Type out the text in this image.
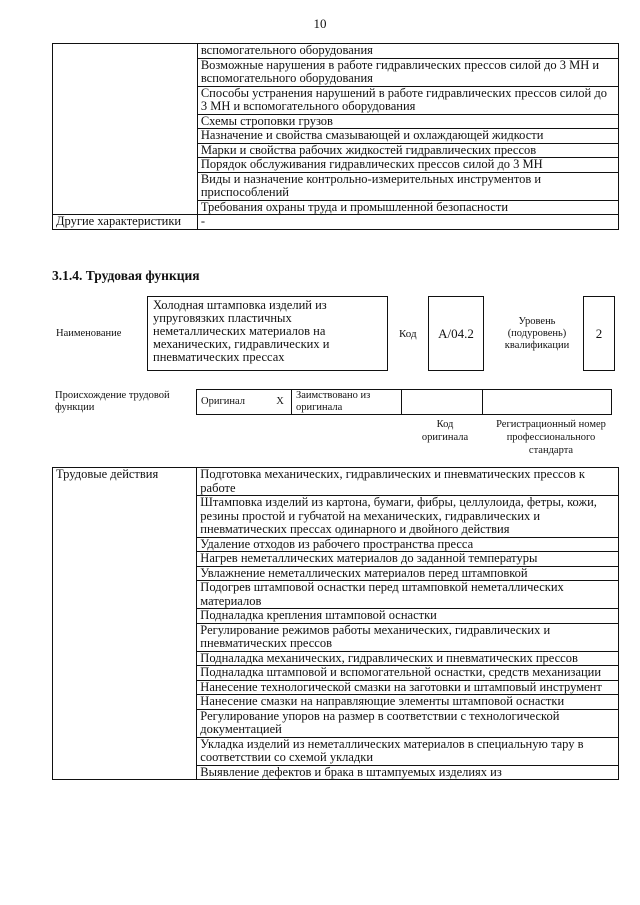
10
	вспомогательного оборудования
	Возможные нарушения в работе гидравлических прессов силой до 3 МН и вспомогательного оборудования
	Способы устранения нарушений в работе гидравлических прессов силой до 3 МН и вспомогательного оборудования
	Схемы строповки грузов
	Назначение и свойства смазывающей и охлаждающей жидкости
	Марки и свойства рабочих жидкостей гидравлических прессов
	Порядок обслуживания гидравлических прессов силой до 3 МН
	Виды и назначение контрольно-измерительных инструментов и приспособлений
	Требования охраны труда и промышленной безопасности
Другие характеристики	-
3.1.4. Трудовая функция
Наименование
Холодная штамповка изделий из упруговязких пластичных неметаллических материалов на механических, гидравлических и пневматических прессах
Код	A/04.2
Уровень (подуровень) квалификации
2
Происхождение трудовой функции
Оригинал	X	Заимствовано из оригинала		
Код оригинала
Регистрационный номер профессионального стандарта
Трудовые действия	Подготовка механических, гидравлических и пневматических прессов к работе
Штамповка изделий из картона, бумаги, фибры, целлулоида, фетры, кожи, резины простой и губчатой на механических, гидравлических и пневматических прессах одинарного и двойного действия
Удаление отходов из рабочего пространства пресса
Нагрев неметаллических материалов до заданной температуры
Увлажнение неметаллических материалов перед штамповкой
Подогрев штамповой оснастки перед штамповкой неметаллических материалов
Подналадка крепления штамповой оснастки
Регулирование режимов работы механических, гидравлических и пневматических прессов
Подналадка механических, гидравлических и пневматических прессов
Подналадка штамповой и вспомогательной оснастки, средств механизации
Нанесение технологической смазки на заготовки и штамповый инструмент
Нанесение смазки на направляющие элементы штамповой оснастки
Регулирование упоров на размер в соответствии с технологической документацией
Укладка изделий из неметаллических материалов в специальную тару в соответствии со схемой укладки
Выявление дефектов и брака в штампуемых изделиях из
